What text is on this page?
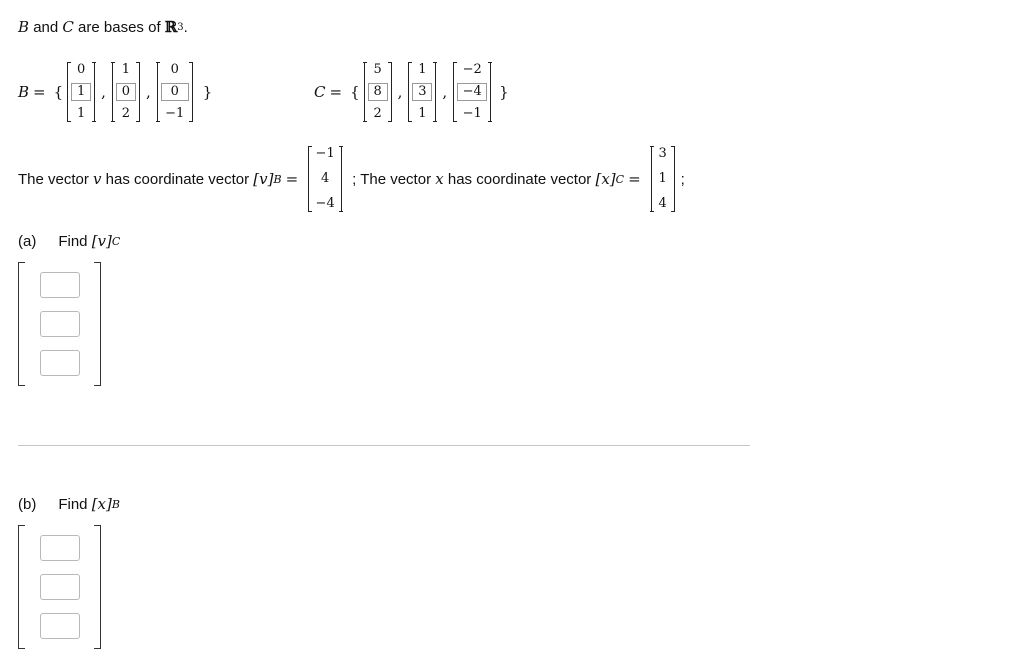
B and C are bases of ℝ 3 .
B = {
0
1
1
,
1
0
2
,
0
0
−1
}	C = {
5
8
2
,
1
3
1
,
−2
−4
−1
}
The vector v has coordinate vector [v] B =
−1
4
−4
; The vector x has coordinate vector [x] C =
3
1
4
;
(a) Find [v] C
(b) Find [x] B
